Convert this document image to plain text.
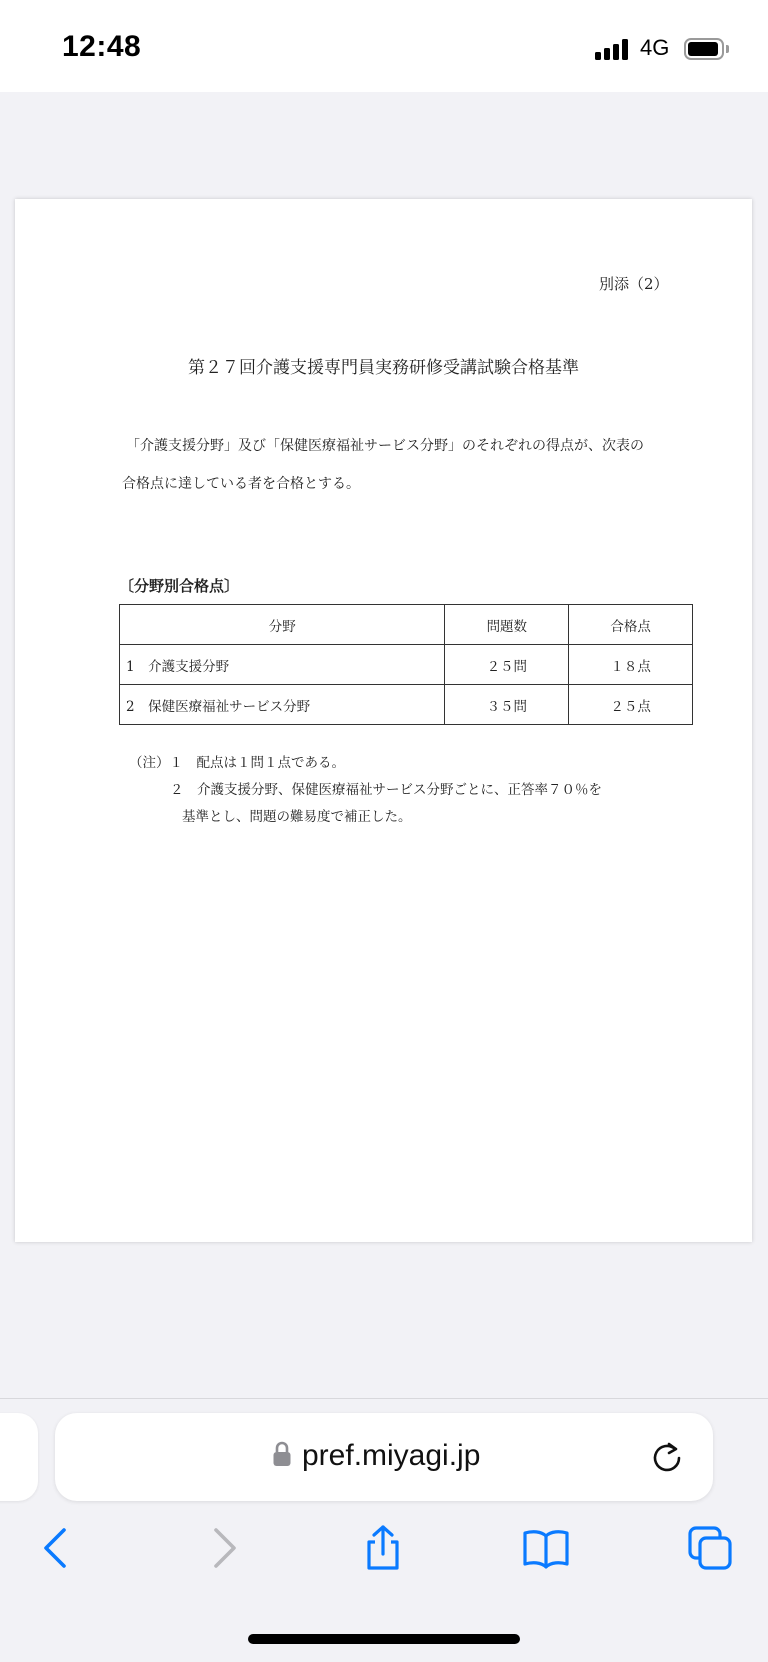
12:48	4G
別添（2）
第２７回介護支援専門員実務研修受講試験合格基準
「介護支援分野」及び「保健医療福祉サービス分野」のそれぞれの得点が、次表の
合格点に達している者を合格とする。
〔分野別合格点〕
分野	問題数	合格点
1　介護支援分野	２５問	１８点
2　保健医療福祉サービス分野	３５問	２５点
（注）１　配点は１問１点である。
２　介護支援分野、保健医療福祉サービス分野ごとに、正答率７０％を
基準とし、問題の難易度で補正した。
pref.miyagi.jp
